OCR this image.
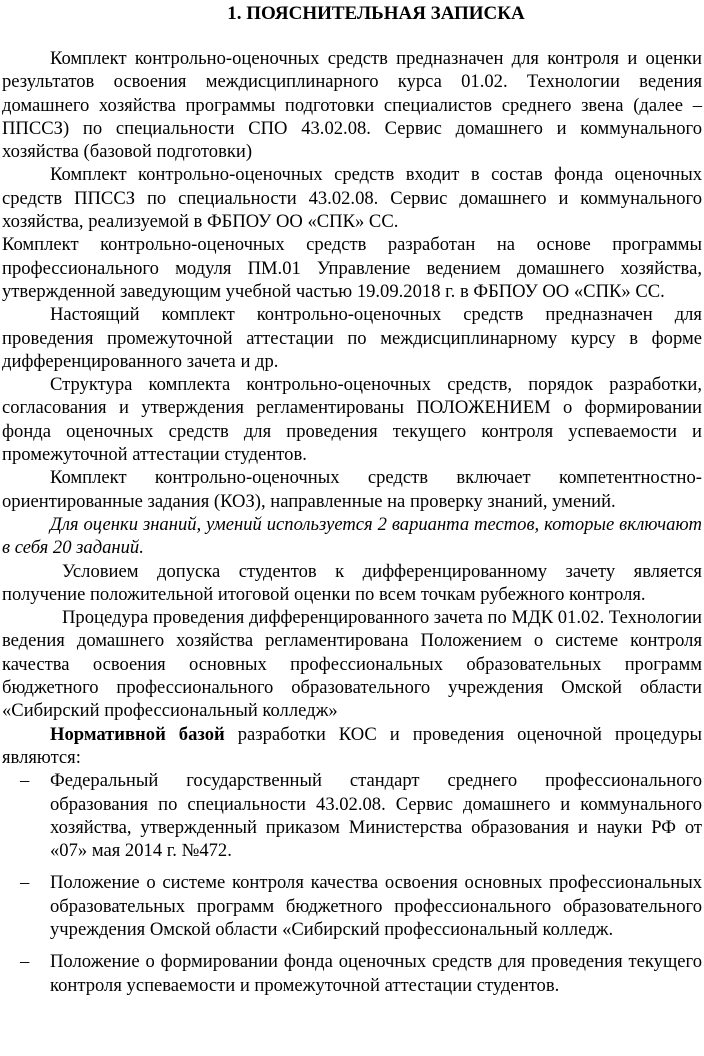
1. ПОЯСНИТЕЛЬНАЯ ЗАПИСКА

Комплект контрольно-оценочных средств предназначен для контроля и оценки результатов освоения междисциплинарного курса 01.02. Технологии ведения домашнего хозяйства программы подготовки специалистов среднего звена (далее – ППССЗ) по специальности СПО 43.02.08. Сервис домашнего и коммунального хозяйства (базовой подготовки)

Комплект контрольно-оценочных средств входит в состав фонда оценочных средств ППССЗ по специальности 43.02.08. Сервис домашнего и коммунального хозяйства, реализуемой в ФБПОУ ОО «СПК» СС.

Комплект контрольно-оценочных средств разработан на основе программы профессионального модуля ПМ.01 Управление ведением домашнего хозяйства, утвержденной заведующим учебной частью 19.09.2018 г. в ФБПОУ ОО «СПК» СС.

Настоящий комплект контрольно-оценочных средств предназначен для проведения промежуточной аттестации по междисциплинарному курсу в форме дифференцированного зачета и др.

Структура комплекта контрольно-оценочных средств, порядок разработки, согласования и утверждения регламентированы ПОЛОЖЕНИЕМ о формировании фонда оценочных средств для проведения текущего контроля успеваемости и промежуточной аттестации студентов.

Комплект контрольно-оценочных средств включает компетентностно-ориентированные задания (КОЗ), направленные на проверку знаний, умений.

Для оценки знаний, умений используется 2 варианта тестов, которые включают в себя 20 заданий.

Условием допуска студентов к дифференцированному зачету является получение положительной итоговой оценки по всем точкам рубежного контроля.

Процедура проведения дифференцированного зачета по МДК 01.02. Технологии ведения домашнего хозяйства регламентирована Положением о системе контроля качества освоения основных профессиональных образовательных программ бюджетного профессионального образовательного учреждения Омской области «Сибирский профессиональный колледж»

Нормативной базой разработки КОС и проведения оценочной процедуры являются:

– Федеральный государственный стандарт среднего профессионального образования по специальности 43.02.08. Сервис домашнего и коммунального хозяйства, утвержденный приказом Министерства образования и науки РФ от «07» мая 2014 г. №472.
– Положение о системе контроля качества освоения основных профессиональных образовательных программ бюджетного профессионального образовательного учреждения Омской области «Сибирский профессиональный колледж.
– Положение о формировании фонда оценочных средств для проведения текущего контроля успеваемости и промежуточной аттестации студентов.
